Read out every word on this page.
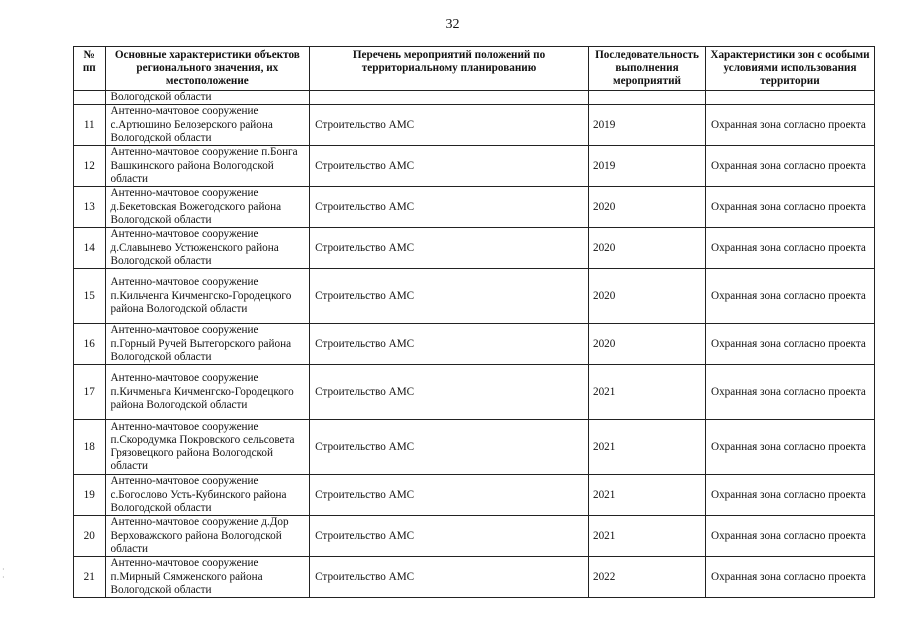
32
·
·
№ пп	Основные характеристики объектов регионального значения, их местоположение	Перечень мероприятий положений по территориальному планированию	Последовательность выполнения мероприятий	Характеристики зон с особыми условиями использования территории
	Вологодской области			
11	Антенно-мачтовое сооружение с.Артюшино Белозерского района Вологодской области	Строительство АМС	2019	Охранная зона согласно проекта
12	Антенно-мачтовое сооружение п.Бонга Вашкинского района Вологодской области	Строительство АМС	2019	Охранная зона согласно проекта
13	Антенно-мачтовое сооружение д.Бекетовская Вожегодского района Вологодской области	Строительство АМС	2020	Охранная зона согласно проекта
14	Антенно-мачтовое сооружение д.Славынево Устюженского района Вологодской области	Строительство АМС	2020	Охранная зона согласно проекта
15	Антенно-мачтовое сооружение п.Кильченга Кичменгско-Городецкого района Вологодской области	Строительство АМС	2020	Охранная зона согласно проекта
16	Антенно-мачтовое сооружение п.Горный Ручей Вытегорского района Вологодской области	Строительство АМС	2020	Охранная зона согласно проекта
17	Антенно-мачтовое сооружение п.Кичменьга Кичменгско-Городецкого района Вологодской области	Строительство АМС	2021	Охранная зона согласно проекта
18	Антенно-мачтовое сооружение п.Скородумка Покровского сельсовета Грязовецкого района Вологодской области	Строительство АМС	2021	Охранная зона согласно проекта
19	Антенно-мачтовое сооружение с.Богослово Усть-Кубинского района Вологодской области	Строительство АМС	2021	Охранная зона согласно проекта
20	Антенно-мачтовое сооружение д.Дор Верховажского района Вологодской области	Строительство АМС	2021	Охранная зона согласно проекта
21	Антенно-мачтовое сооружение п.Мирный Сямженского района Вологодской области	Строительство АМС	2022	Охранная зона согласно проекта
